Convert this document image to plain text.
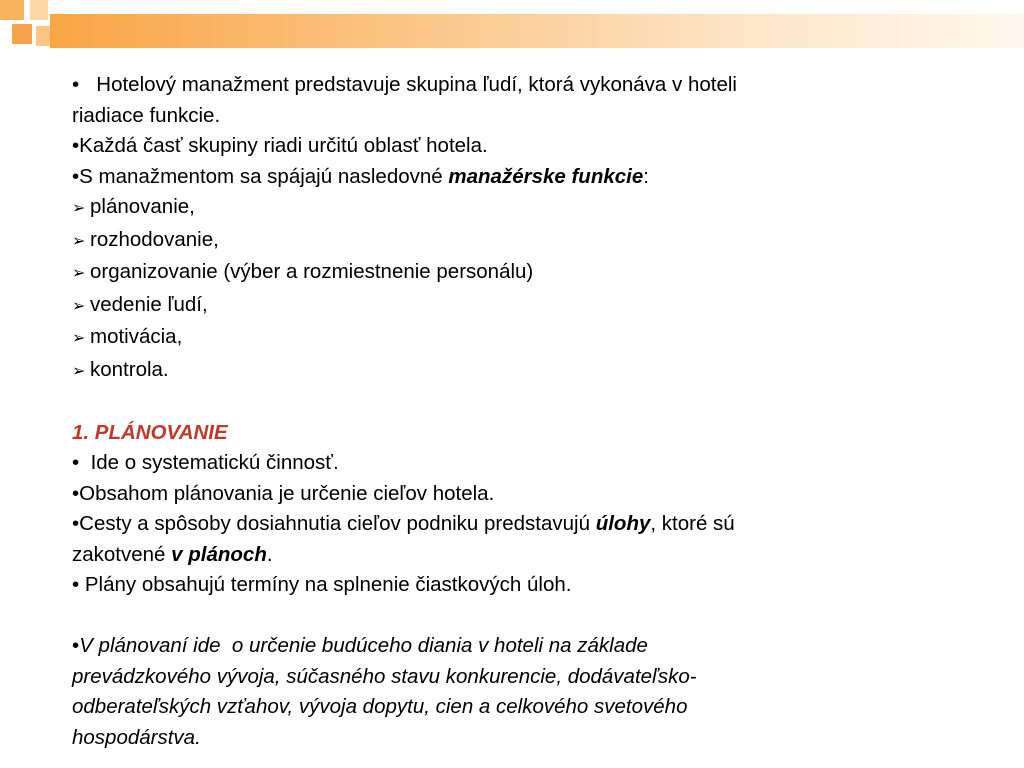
• Hotelový manažment predstavuje skupina ľudí, ktorá vykonáva v hoteli
riadiace funkcie.
•Každá časť skupiny riadi určitú oblasť hotela.
•S manažmentom sa spájajú nasledovné manažérske funkcie:
➢ plánovanie,
➢ rozhodovanie,
➢ organizovanie (výber a rozmiestnenie personálu)
➢ vedenie ľudí,
➢ motivácia,
➢ kontrola.
1. PLÁNOVANIE
•  Ide o systematickú činnosť.
•Obsahom plánovania je určenie cieľov hotela.
•Cesty a spôsoby dosiahnutia cieľov podniku predstavujú úlohy, ktoré sú
zakotvené v plánoch.
• Plány obsahujú termíny na splnenie čiastkových úloh.
•V plánovaní ide  o určenie budúceho diania v hoteli na základe
prevádzkového vývoja, súčasného stavu konkurencie, dodávateľsko-
odberateľských vzťahov, vývoja dopytu, cien a celkového svetového
hospodárstva.
